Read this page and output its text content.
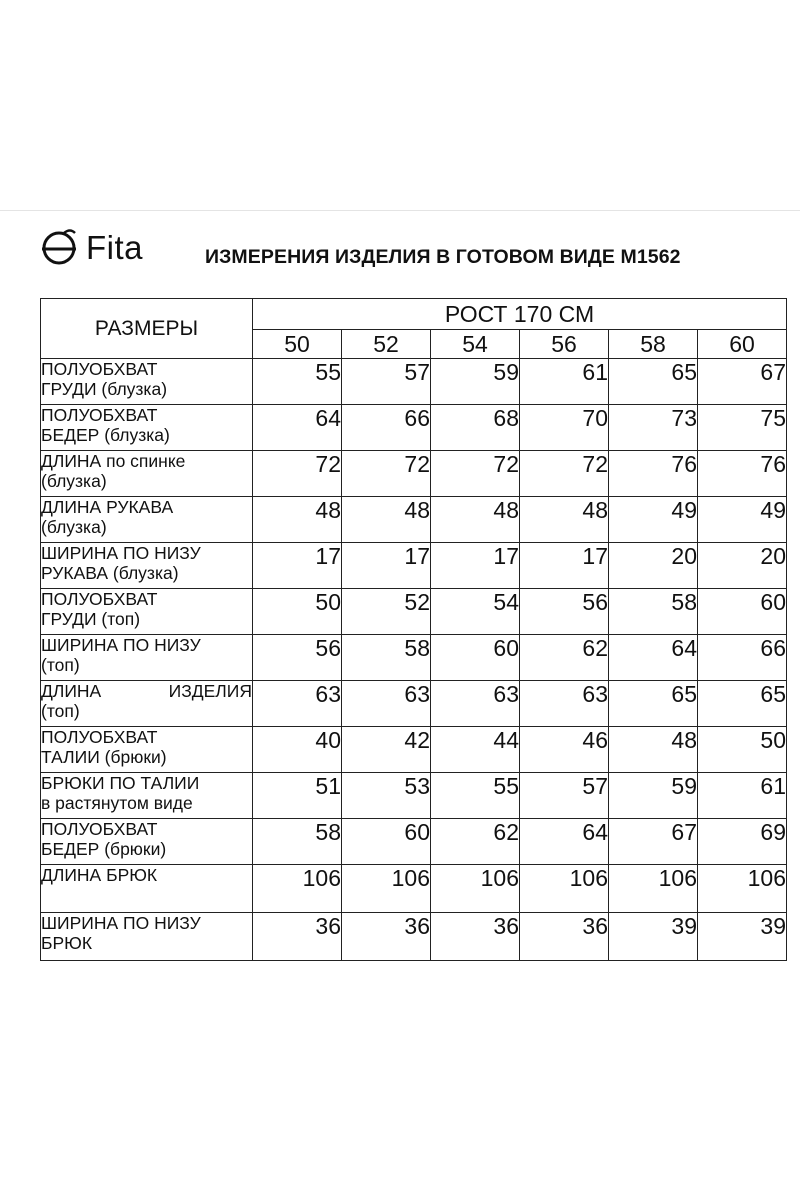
Fita	ИЗМЕРЕНИЯ ИЗДЕЛИЯ В ГОТОВОМ ВИДЕ М1562
РАЗМЕРЫ	РОСТ 170 СМ					
	50	52	54	56	58	60

ПОЛУОБХВАТ
ГРУДИ (блузка)	55	57	59	61	65	67

ПОЛУОБХВАТ
БЕДЕР (блузка)	64	66	68	70	73	75

ДЛИНА по спинке
(блузка)	72	72	72	72	76	76

ДЛИНА РУКАВА
(блузка)	48	48	48	48	49	49

ШИРИНА ПО НИЗУ
РУКАВА (блузка)	17	17	17	17	20	20

ПОЛУОБХВАТ
ГРУДИ (топ)	50	52	54	56	58	60

ШИРИНА ПО НИЗУ
(топ)	56	58	60	62	64	66

ДЛИНА ИЗДЕЛИЯ
(топ)	63	63	63	63	65	65

ПОЛУОБХВАТ
ТАЛИИ (брюки)	40	42	44	46	48	50

БРЮКИ ПО ТАЛИИ
в растянутом виде	51	53	55	57	59	61

ПОЛУОБХВАТ
БЕДЕР (брюки)	58	60	62	64	67	69

ДЛИНА БРЮК	106	106	106	106	106	106

ШИРИНА ПО НИЗУ
БРЮК	36	36	36	36	39	39
